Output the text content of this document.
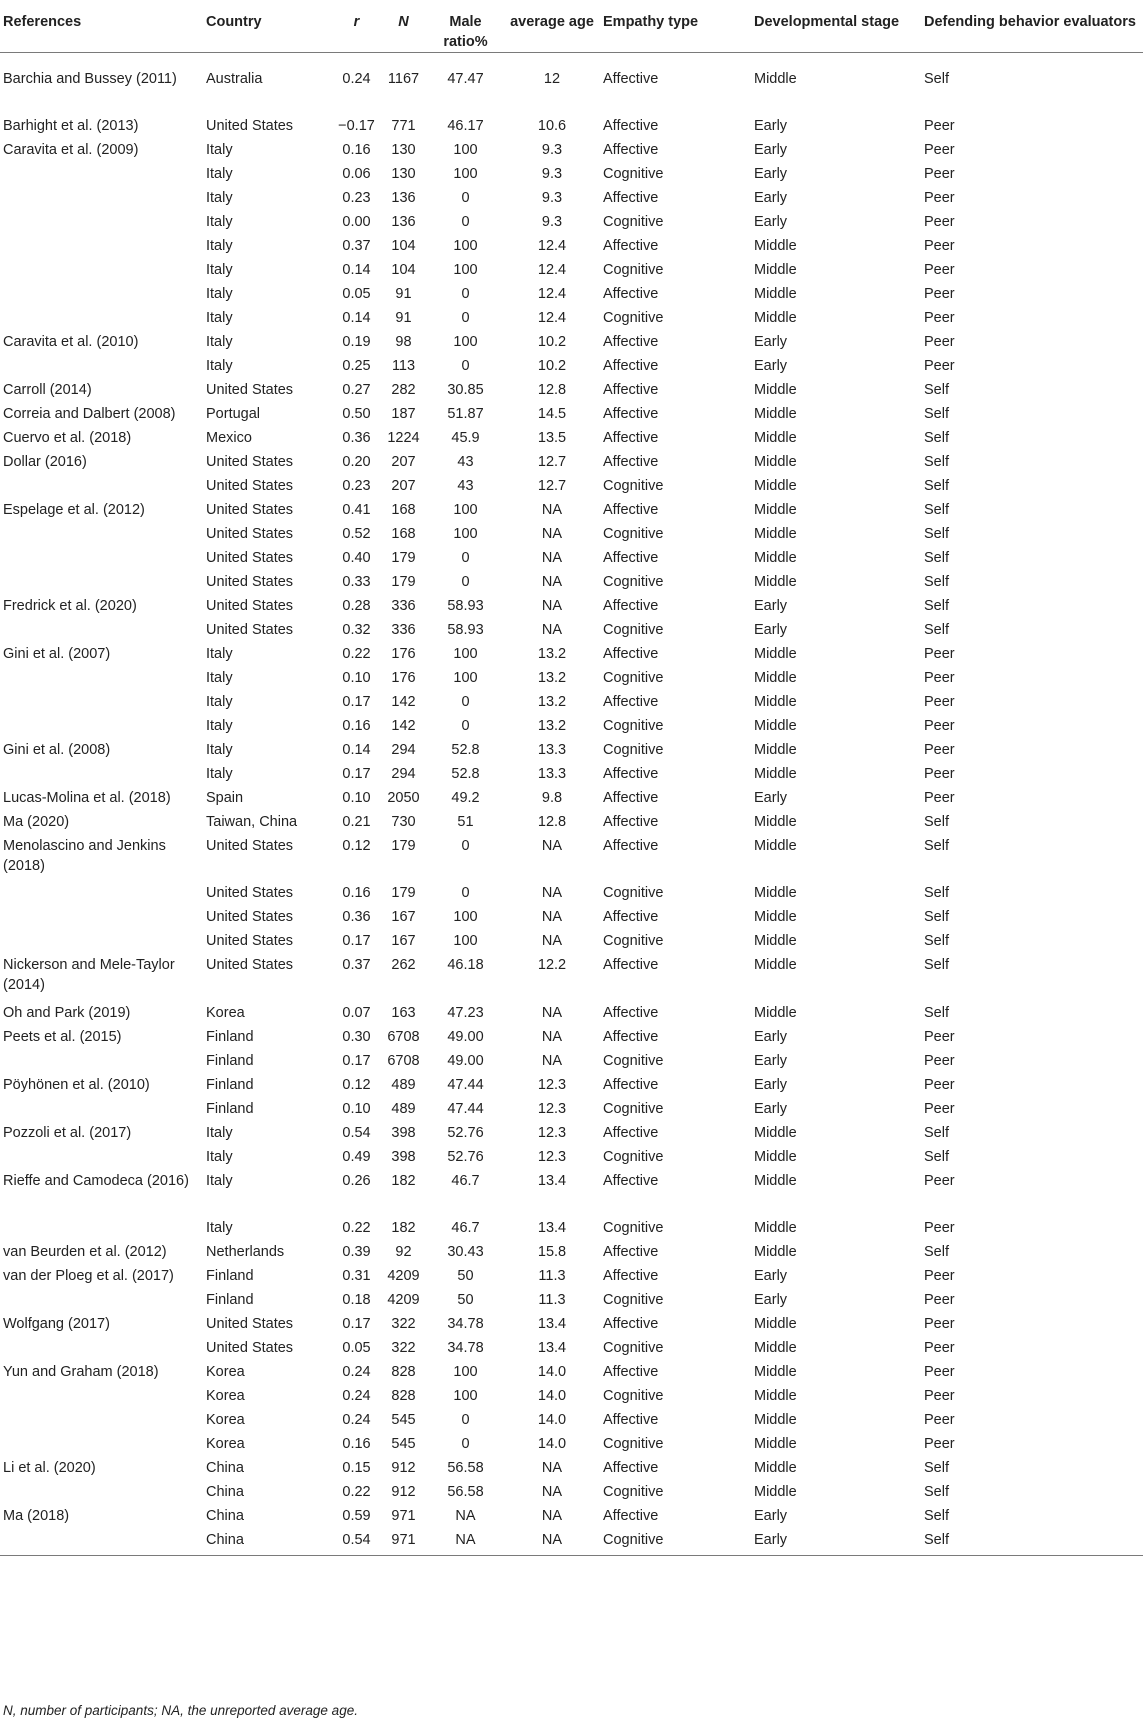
References	Country	r	N	Male ratio%	average age	Empathy type	Developmental stage	Defending behavior evaluators
Barchia and Bussey (2011)	Australia	0.24	1167	47.47	12	Affective	Middle	Self
Barhight et al. (2013)	United States	−0.17	771	46.17	10.6	Affective	Early	Peer
Caravita et al. (2009)	Italy	0.16	130	100	9.3	Affective	Early	Peer
	Italy	0.06	130	100	9.3	Cognitive	Early	Peer
	Italy	0.23	136	0	9.3	Affective	Early	Peer
	Italy	0.00	136	0	9.3	Cognitive	Early	Peer
	Italy	0.37	104	100	12.4	Affective	Middle	Peer
	Italy	0.14	104	100	12.4	Cognitive	Middle	Peer
	Italy	0.05	91	0	12.4	Affective	Middle	Peer
	Italy	0.14	91	0	12.4	Cognitive	Middle	Peer
Caravita et al. (2010)	Italy	0.19	98	100	10.2	Affective	Early	Peer
	Italy	0.25	113	0	10.2	Affective	Early	Peer
Carroll (2014)	United States	0.27	282	30.85	12.8	Affective	Middle	Self
Correia and Dalbert (2008)	Portugal	0.50	187	51.87	14.5	Affective	Middle	Self
Cuervo et al. (2018)	Mexico	0.36	1224	45.9	13.5	Affective	Middle	Self
Dollar (2016)	United States	0.20	207	43	12.7	Affective	Middle	Self
	United States	0.23	207	43	12.7	Cognitive	Middle	Self
Espelage et al. (2012)	United States	0.41	168	100	NA	Affective	Middle	Self
	United States	0.52	168	100	NA	Cognitive	Middle	Self
	United States	0.40	179	0	NA	Affective	Middle	Self
	United States	0.33	179	0	NA	Cognitive	Middle	Self
Fredrick et al. (2020)	United States	0.28	336	58.93	NA	Affective	Early	Self
	United States	0.32	336	58.93	NA	Cognitive	Early	Self
Gini et al. (2007)	Italy	0.22	176	100	13.2	Affective	Middle	Peer
	Italy	0.10	176	100	13.2	Cognitive	Middle	Peer
	Italy	0.17	142	0	13.2	Affective	Middle	Peer
	Italy	0.16	142	0	13.2	Cognitive	Middle	Peer
Gini et al. (2008)	Italy	0.14	294	52.8	13.3	Cognitive	Middle	Peer
	Italy	0.17	294	52.8	13.3	Affective	Middle	Peer
Lucas-Molina et al. (2018)	Spain	0.10	2050	49.2	9.8	Affective	Early	Peer
Ma (2020)	Taiwan, China	0.21	730	51	12.8	Affective	Middle	Self
Menolascino and Jenkins (2018)	United States	0.12	179	0	NA	Affective	Middle	Self
	United States	0.16	179	0	NA	Cognitive	Middle	Self
	United States	0.36	167	100	NA	Affective	Middle	Self
	United States	0.17	167	100	NA	Cognitive	Middle	Self
Nickerson and Mele-Taylor (2014)	United States	0.37	262	46.18	12.2	Affective	Middle	Self
Oh and Park (2019)	Korea	0.07	163	47.23	NA	Affective	Middle	Self
Peets et al. (2015)	Finland	0.30	6708	49.00	NA	Affective	Early	Peer
	Finland	0.17	6708	49.00	NA	Cognitive	Early	Peer
Pöyhönen et al. (2010)	Finland	0.12	489	47.44	12.3	Affective	Early	Peer
	Finland	0.10	489	47.44	12.3	Cognitive	Early	Peer
Pozzoli et al. (2017)	Italy	0.54	398	52.76	12.3	Affective	Middle	Self
	Italy	0.49	398	52.76	12.3	Cognitive	Middle	Self
Rieffe and Camodeca (2016)	Italy	0.26	182	46.7	13.4	Affective	Middle	Peer
	Italy	0.22	182	46.7	13.4	Cognitive	Middle	Peer
van Beurden et al. (2012)	Netherlands	0.39	92	30.43	15.8	Affective	Middle	Self
van der Ploeg et al. (2017)	Finland	0.31	4209	50	11.3	Affective	Early	Peer
	Finland	0.18	4209	50	11.3	Cognitive	Early	Peer
Wolfgang (2017)	United States	0.17	322	34.78	13.4	Affective	Middle	Peer
	United States	0.05	322	34.78	13.4	Cognitive	Middle	Peer
Yun and Graham (2018)	Korea	0.24	828	100	14.0	Affective	Middle	Peer
	Korea	0.24	828	100	14.0	Cognitive	Middle	Peer
	Korea	0.24	545	0	14.0	Affective	Middle	Peer
	Korea	0.16	545	0	14.0	Cognitive	Middle	Peer
Li et al. (2020)	China	0.15	912	56.58	NA	Affective	Middle	Self
	China	0.22	912	56.58	NA	Cognitive	Middle	Self
Ma (2018)	China	0.59	971	NA	NA	Affective	Early	Self
	China	0.54	971	NA	NA	Cognitive	Early	Self
N, number of participants; NA, the unreported average age.
